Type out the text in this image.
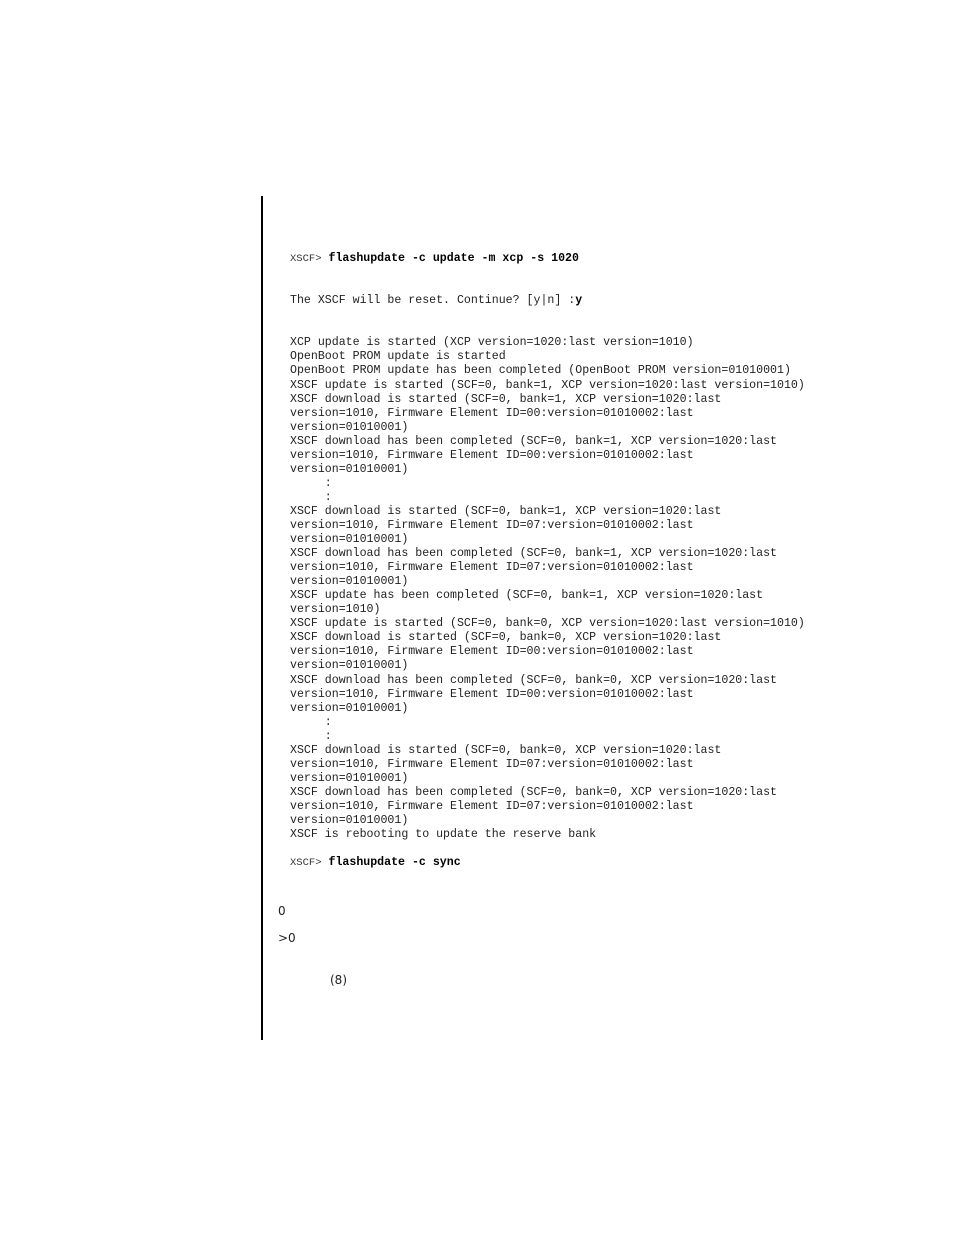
XSCF> flashupdate -c update -m xcp -s 1020

The XSCF will be reset. Continue? [y|n] :y

XCP update is started (XCP version=1020:last version=1010)
OpenBoot PROM update is started
OpenBoot PROM update has been completed (OpenBoot PROM version=01010001)
XSCF update is started (SCF=0, bank=1, XCP version=1020:last version=1010)
XSCF download is started (SCF=0, bank=1, XCP version=1020:last
version=1010, Firmware Element ID=00:version=01010002:last
version=01010001)
XSCF download has been completed (SCF=0, bank=1, XCP version=1020:last
version=1010, Firmware Element ID=00:version=01010002:last
version=01010001)
:
:
XSCF download is started (SCF=0, bank=1, XCP version=1020:last
version=1010, Firmware Element ID=07:version=01010002:last
version=01010001)
XSCF download has been completed (SCF=0, bank=1, XCP version=1020:last
version=1010, Firmware Element ID=07:version=01010002:last
version=01010001)
XSCF update has been completed (SCF=0, bank=1, XCP version=1020:last
version=1010)
XSCF update is started (SCF=0, bank=0, XCP version=1020:last version=1010)
XSCF download is started (SCF=0, bank=0, XCP version=1020:last
version=1010, Firmware Element ID=00:version=01010002:last
version=01010001)
XSCF download has been completed (SCF=0, bank=0, XCP version=1020:last
version=1010, Firmware Element ID=00:version=01010002:last
version=01010001)
:
:
XSCF download is started (SCF=0, bank=0, XCP version=1020:last
version=1010, Firmware Element ID=07:version=01010002:last
version=01010001)
XSCF download has been completed (SCF=0, bank=0, XCP version=1020:last
version=1010, Firmware Element ID=07:version=01010002:last
version=01010001)
XSCF is rebooting to update the reserve bank

XSCF> flashupdate -c sync

0
>0
(8)
